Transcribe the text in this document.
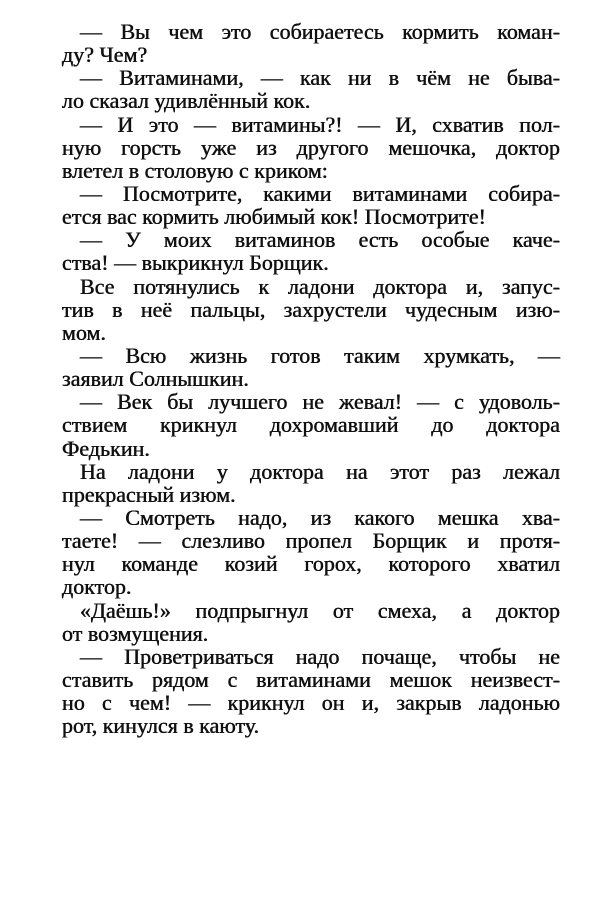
— Вы чем это собираетесь кормить коман-
ду? Чем?
— Витаминами, — как ни в чём не быва-
ло сказал удивлённый кок.
— И это — витамины?! — И, схватив пол-
ную горсть уже из другого мешочка, доктор
влетел в столовую с криком:
— Посмотрите, какими витаминами собира-
ется вас кормить любимый кок! Посмотрите!
— У моих витаминов есть особые каче-
ства! — выкрикнул Борщик.
Все потянулись к ладони доктора и, запус-
тив в неё пальцы, захрустели чудесным изю-
мом.
— Всю жизнь готов таким хрумкать, —
заявил Солнышкин.
— Век бы лучшего не жевал! — с удоволь-
ствием крикнул дохромавший до доктора
Федькин.
На ладони у доктора на этот раз лежал
прекрасный изюм.
— Смотреть надо, из какого мешка хва-
таете! — слезливо пропел Борщик и протя-
нул команде козий горох, которого хватил
доктор.
«Даёшь!» подпрыгнул от смеха, а доктор
от возмущения.
— Проветриваться надо почаще, чтобы не
ставить рядом с витаминами мешок неизвест-
но с чем! — крикнул он и, закрыв ладонью
рот, кинулся в каюту.
